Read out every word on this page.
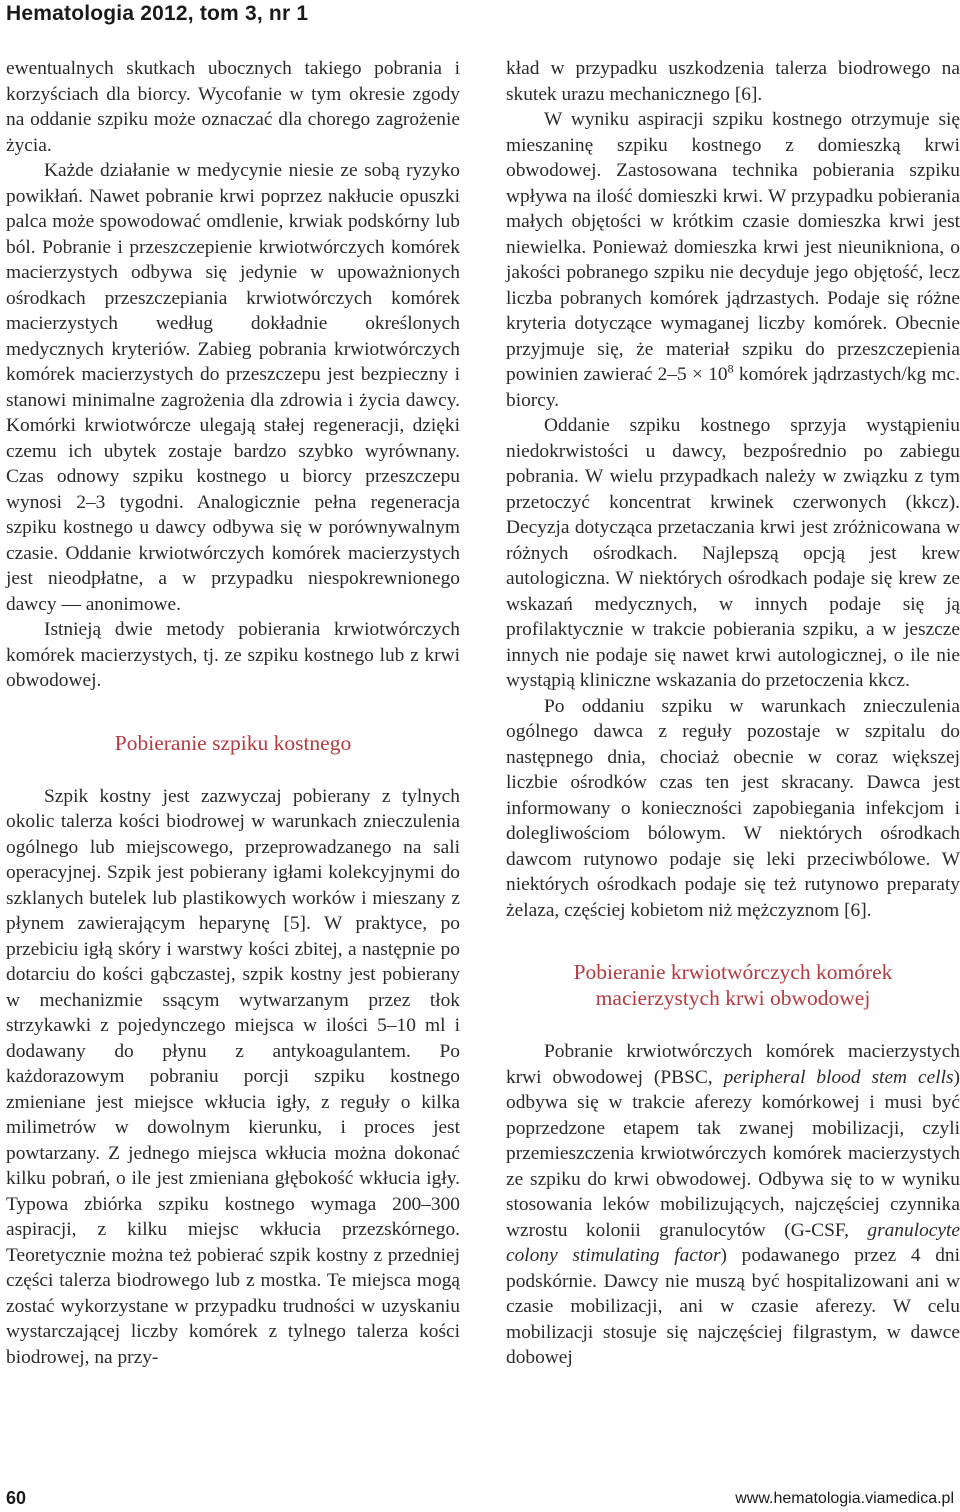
Hematologia 2012, tom 3, nr 1

ewentualnych skutkach ubocznych takiego pobrania i korzyściach dla biorcy. Wycofanie w tym okresie zgody na oddanie szpiku może oznaczać dla chorego zagrożenie życia.

Każde działanie w medycynie niesie ze sobą ryzyko powikłań. Nawet pobranie krwi poprzez nakłucie opuszki palca może spowodować omdlenie, krwiak podskórny lub ból. Pobranie i przeszczepienie krwiotwórczych komórek macierzystych odbywa się jedynie w upoważnionych ośrodkach przeszczepiania krwiotwórczych komórek macierzystych według dokładnie określonych medycznych kryteriów. Zabieg pobrania krwiotwórczych komórek macierzystych do przeszczepu jest bezpieczny i stanowi minimalne zagrożenia dla zdrowia i życia dawcy. Komórki krwiotwórcze ulegają stałej regeneracji, dzięki czemu ich ubytek zostaje bardzo szybko wyrównany. Czas odnowy szpiku kostnego u biorcy przeszczepu wynosi 2–3 tygodni. Analogicznie pełna regeneracja szpiku kostnego u dawcy odbywa się w porównywalnym czasie. Oddanie krwiotwórczych komórek macierzystych jest nieodpłatne, a w przypadku niespokrewnionego dawcy — anonimowe.

Istnieją dwie metody pobierania krwiotwórczych komórek macierzystych, tj. ze szpiku kostnego lub z krwi obwodowej.

Pobieranie szpiku kostnego

Szpik kostny jest zazwyczaj pobierany z tylnych okolic talerza kości biodrowej w warunkach znieczulenia ogólnego lub miejscowego, przeprowadzanego na sali operacyjnej. Szpik jest pobierany igłami kolekcyjnymi do szklanych butelek lub plastikowych worków i mieszany z płynem zawierającym heparynę [5]. W praktyce, po przebiciu igłą skóry i warstwy kości zbitej, a następnie po dotarciu do kości gąbczastej, szpik kostny jest pobierany w mechanizmie ssącym wytwarzanym przez tłok strzykawki z pojedynczego miejsca w ilości 5–10 ml i dodawany do płynu z antykoagulantem. Po każdorazowym pobraniu porcji szpiku kostnego zmieniane jest miejsce wkłucia igły, z reguły o kilka milimetrów w dowolnym kierunku, i proces jest powtarzany. Z jednego miejsca wkłucia można dokonać kilku pobrań, o ile jest zmieniana głębokość wkłucia igły. Typowa zbiórka szpiku kostnego wymaga 200–300 aspiracji, z kilku miejsc wkłucia przezskórnego. Teoretycznie można też pobierać szpik kostny z przedniej części talerza biodrowego lub z mostka. Te miejsca mogą zostać wykorzystane w przypadku trudności w uzyskaniu wystarczającej liczby komórek z tylnego talerza kości biodrowej, na przy-

kład w przypadku uszkodzenia talerza biodrowego na skutek urazu mechanicznego [6].

W wyniku aspiracji szpiku kostnego otrzymuje się mieszaninę szpiku kostnego z domieszką krwi obwodowej. Zastosowana technika pobierania szpiku wpływa na ilość domieszki krwi. W przypadku pobierania małych objętości w krótkim czasie domieszka krwi jest niewielka. Ponieważ domieszka krwi jest nieunikniona, o jakości pobranego szpiku nie decyduje jego objętość, lecz liczba pobranych komórek jądrzastych. Podaje się różne kryteria dotyczące wymaganej liczby komórek. Obecnie przyjmuje się, że materiał szpiku do przeszczepienia powinien zawierać $2-5 \times 10^8$ komórek jądrzastych/kg mc. biorcy.

Oddanie szpiku kostnego sprzyja wystąpieniu niedokrwistości u dawcy, bezpośrednio po zabiegu pobrania. W wielu przypadkach należy w związku z tym przetoczyć koncentrat krwinek czerwonych (kkcz). Decyzja dotycząca przetaczania krwi jest zróżnicowana w różnych ośrodkach. Najlepszą opcją jest krew autologiczna. W niektórych ośrodkach podaje się krew ze wskazań medycznych, w innych podaje się ją profilaktycznie w trakcie pobierania szpiku, a w jeszcze innych nie podaje się nawet krwi autologicznej, o ile nie wystąpią kliniczne wskazania do przetoczenia kkcz.

Po oddaniu szpiku w warunkach znieczulenia ogólnego dawca z reguły pozostaje w szpitalu do następnego dnia, chociaż obecnie w coraz większej liczbie ośrodków czas ten jest skracany. Dawca jest informowany o konieczności zapobiegania infekcjom i dolegliwościom bólowym. W niektórych ośrodkach dawcom rutynowo podaje się leki przeciwbólowe. W niektórych ośrodkach podaje się też rutynowo preparaty żelaza, częściej kobietom niż mężczyznom [6].

Pobieranie krwiotwórczych komórek
macierzystych krwi obwodowej

Pobranie krwiotwórczych komórek macierzystych krwi obwodowej (PBSC, peripheral blood stem cells) odbywa się w trakcie aferezy komórkowej i musi być poprzedzone etapem tak zwanej mobilizacji, czyli przemieszczenia krwiotwórczych komórek macierzystych ze szpiku do krwi obwodowej. Odbywa się to w wyniku stosowania leków mobilizujących, najczęściej czynnika wzrostu kolonii granulocytów (G-CSF, granulocyte colony stimulating factor) podawanego przez 4 dni podskórnie. Dawcy nie muszą być hospitalizowani ani w czasie mobilizacji, ani w czasie aferezy. W celu mobilizacji stosuje się najczęściej filgrastym, w dawce dobowej

60	www.hematologia.viamedica.pl
